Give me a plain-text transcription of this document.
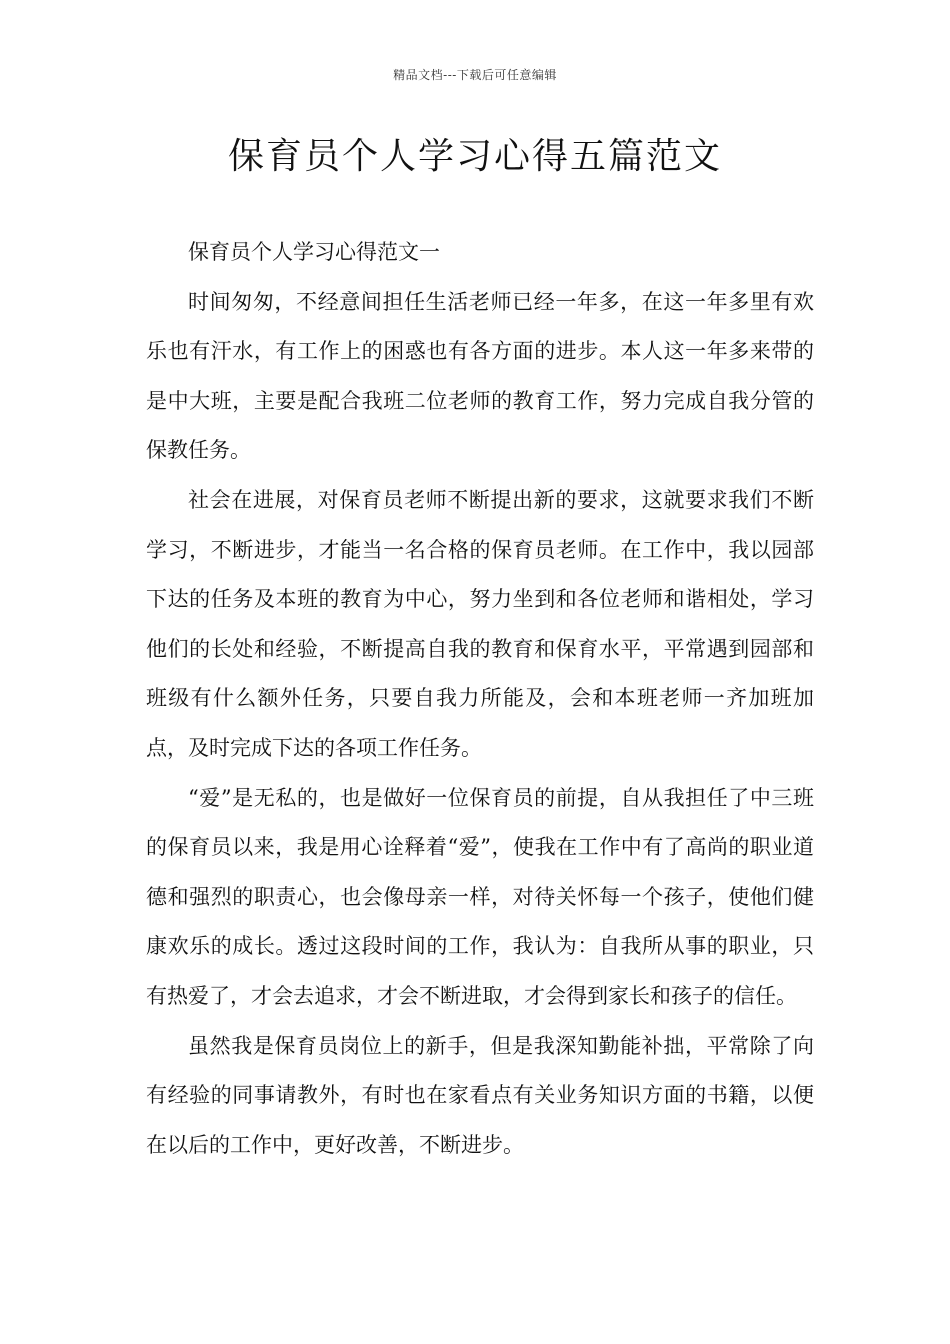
精品文档---下载后可任意编辑
保育员个人学习心得五篇范文

保育员个人学习心得范文一

时间匆匆，不经意间担任生活老师已经一年多，在这一年多里有欢乐也有汗水，有工作上的困惑也有各方面的进步。本人这一年多来带的是中大班，主要是配合我班二位老师的教育工作，努力完成自我分管的保教任务。

社会在进展，对保育员老师不断提出新的要求，这就要求我们不断学习，不断进步，才能当一名合格的保育员老师。在工作中，我以园部下达的任务及本班的教育为中心，努力坐到和各位老师和谐相处，学习他们的长处和经验，不断提高自我的教育和保育水平，平常遇到园部和班级有什么额外任务，只要自我力所能及，会和本班老师一齐加班加点，及时完成下达的各项工作任务。

“爱”是无私的，也是做好一位保育员的前提，自从我担任了中三班的保育员以来，我是用心诠释着“爱”，使我在工作中有了高尚的职业道德和强烈的职责心，也会像母亲一样，对待关怀每一个孩子，使他们健康欢乐的成长。透过这段时间的工作，我认为：自我所从事的职业，只有热爱了，才会去追求，才会不断进取，才会得到家长和孩子的信任。

虽然我是保育员岗位上的新手，但是我深知勤能补拙，平常除了向有经验的同事请教外，有时也在家看点有关业务知识方面的书籍，以便在以后的工作中，更好改善，不断进步。
